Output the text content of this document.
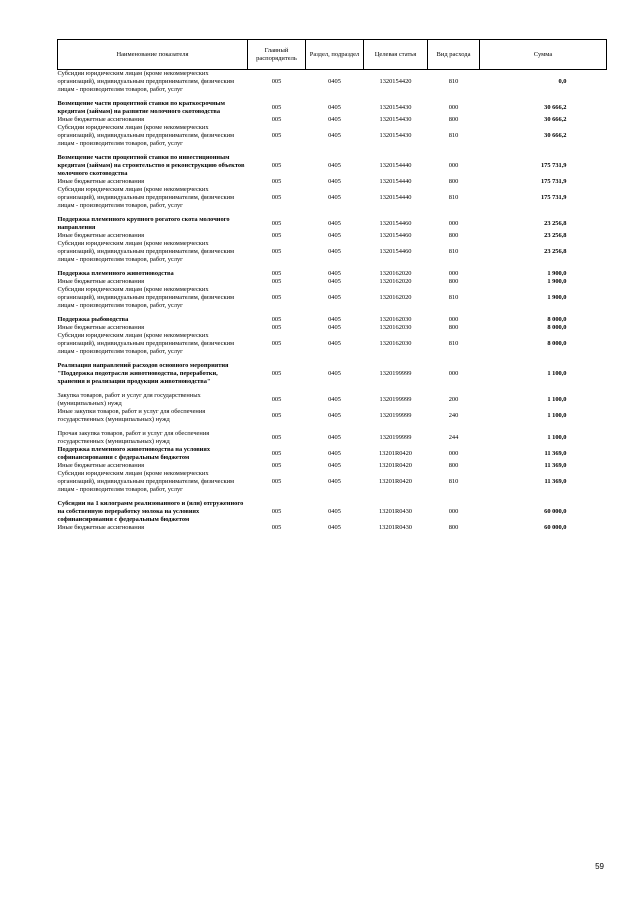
Наименование показателя	Главный распорядитель	Раздел, подраздел	Целевая статья	Вид расхода	Сумма
Субсидии юридическим лицам (кроме некоммерческих организаций), индивидуальным предпринимателям, физическим лицам - производителям товаров, работ, услуг	005	0405	1320154420	810	0,0

Возмещение части процентной ставки по краткосрочным кредитам (займам) на развитие молочного скотоводства	005	0405	1320154430	000	30 666,2
Иные бюджетные ассигнования	005	0405	1320154430	800	30 666,2
Субсидии юридическим лицам (кроме некоммерческих организаций), индивидуальным предпринимателям, физическим лицам - производителям товаров, работ, услуг	005	0405	1320154430	810	30 666,2

Возмещение части процентной ставки по инвестиционным кредитам (займам) на строительство и реконструкцию объектов молочного скотоводства	005	0405	1320154440	000	175 731,9
Иные бюджетные ассигнования	005	0405	1320154440	800	175 731,9
Субсидии юридическим лицам (кроме некоммерческих организаций), индивидуальным предпринимателям, физическим лицам - производителям товаров, работ, услуг	005	0405	1320154440	810	175 731,9

Поддержка племенного крупного рогатого скота молочного направления	005	0405	1320154460	000	23 256,8
Иные бюджетные ассигнования	005	0405	1320154460	800	23 256,8
Субсидии юридическим лицам (кроме некоммерческих организаций), индивидуальным предпринимателям, физическим лицам - производителям товаров, работ, услуг	005	0405	1320154460	810	23 256,8

Поддержка племенного животноводства	005	0405	1320162020	000	1 900,0
Иные бюджетные ассигнования	005	0405	1320162020	800	1 900,0
Субсидии юридическим лицам (кроме некоммерческих организаций), индивидуальным предпринимателям, физическим лицам - производителям товаров, работ, услуг	005	0405	1320162020	810	1 900,0

Поддержка рыбоводства	005	0405	1320162030	000	8 000,0
Иные бюджетные ассигнования	005	0405	1320162030	800	8 000,0
Субсидии юридическим лицам (кроме некоммерческих организаций), индивидуальным предпринимателям, физическим лицам - производителям товаров, работ, услуг	005	0405	1320162030	810	8 000,0

Реализация направлений расходов основного мероприятия "Поддержка подотрасли животноводства, переработки, хранения и реализации продукции животноводства"	005	0405	1320199999	000	1 100,0

Закупка товаров, работ и услуг для государственных (муниципальных) нужд	005	0405	1320199999	200	1 100,0
Иные закупки товаров, работ и услуг для обеспечения государственных (муниципальных) нужд	005	0405	1320199999	240	1 100,0

Прочая закупка товаров, работ и услуг для обеспечения государственных (муниципальных) нужд	005	0405	1320199999	244	1 100,0
Поддержка племенного животноводства на условиях софинансирования с федеральным бюджетом	005	0405	13201R0420	000	11 369,0
Иные бюджетные ассигнования	005	0405	13201R0420	800	11 369,0
Субсидии юридическим лицам (кроме некоммерческих организаций), индивидуальным предпринимателям, физическим лицам - производителям товаров, работ, услуг	005	0405	13201R0420	810	11 369,0

Субсидии на 1 килограмм реализованного и (или) отгруженного на собственную переработку молока на условиях софинансирования с федеральным бюджетом	005	0405	13201R0430	000	60 000,0
Иные бюджетные ассигнования	005	0405	13201R0430	800	60 000,0
59
